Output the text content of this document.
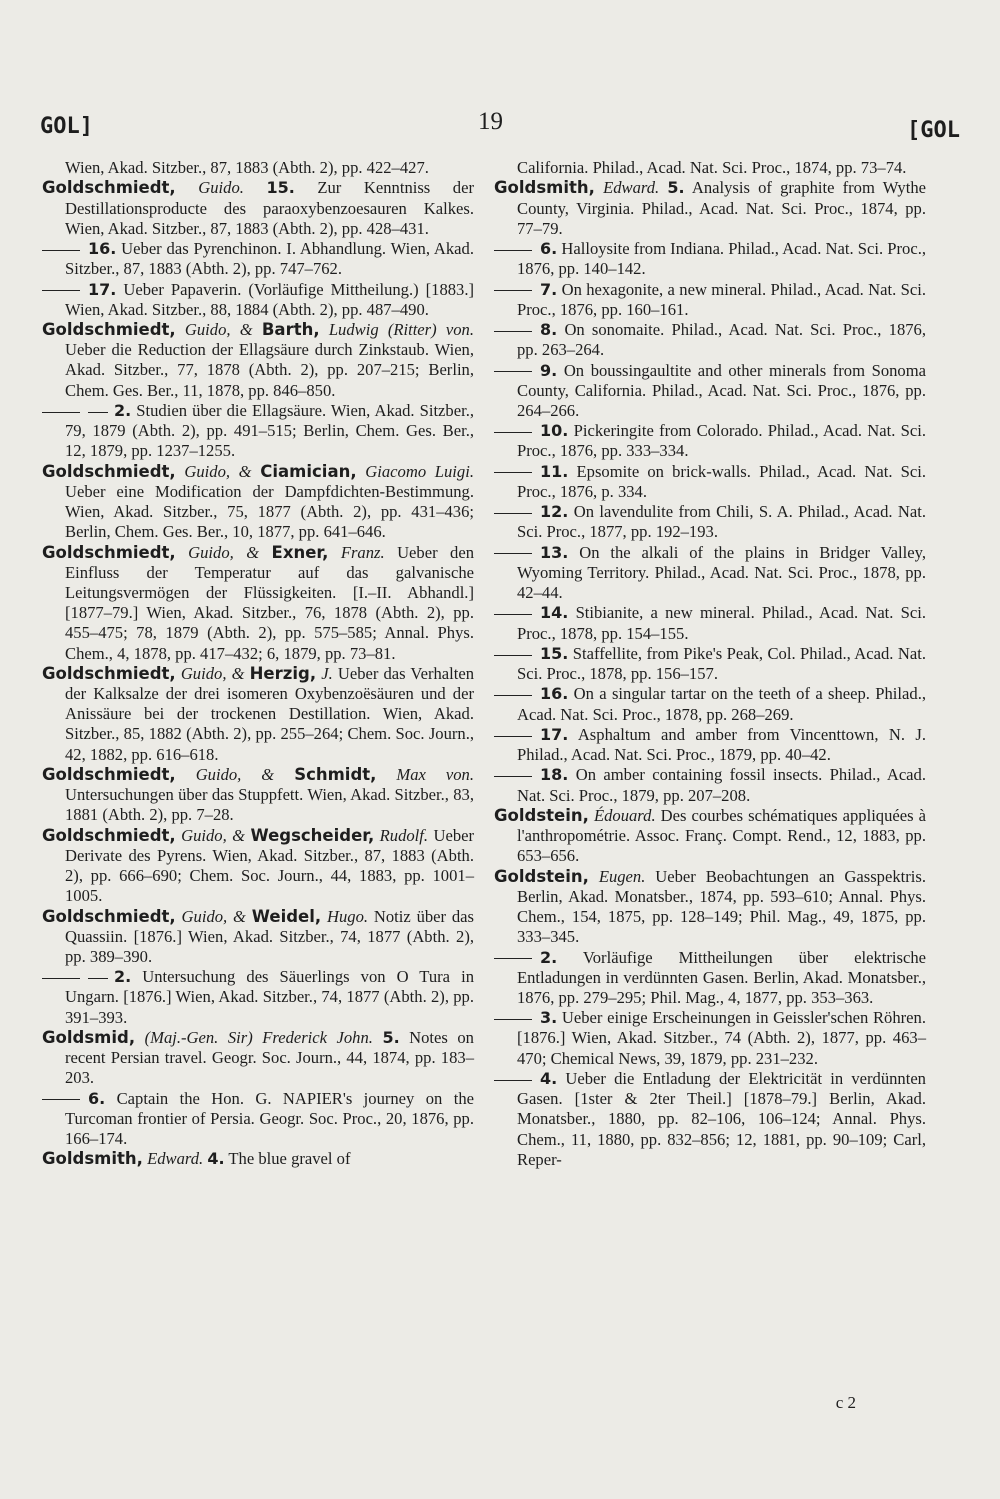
GOL]	19	[GOL
Wien, Akad. Sitzber., 87, 1883 (Abth. 2), pp. 422–427.
Goldschmiedt, Guido. 15. Zur Kenntniss der Destillationsproducte des paraoxybenzoesauren Kalkes. Wien, Akad. Sitzber., 87, 1883 (Abth. 2), pp. 428–431.
16. Ueber das Pyrenchinon. I. Abhandlung. Wien, Akad. Sitzber., 87, 1883 (Abth. 2), pp. 747–762.
17. Ueber Papaverin. (Vorläufige Mittheilung.) [1883.] Wien, Akad. Sitzber., 88, 1884 (Abth. 2), pp. 487–490.
Goldschmiedt, Guido, & Barth, Ludwig (Ritter) von. Ueber die Reduction der Ellagsäure durch Zinkstaub. Wien, Akad. Sitzber., 77, 1878 (Abth. 2), pp. 207–215; Berlin, Chem. Ges. Ber., 11, 1878, pp. 846–850.
2. Studien über die Ellagsäure. Wien, Akad. Sitzber., 79, 1879 (Abth. 2), pp. 491–515; Berlin, Chem. Ges. Ber., 12, 1879, pp. 1237–1255.
Goldschmiedt, Guido, & Ciamician, Giacomo Luigi. Ueber eine Modification der Dampfdichten-Bestimmung. Wien, Akad. Sitzber., 75, 1877 (Abth. 2), pp. 431–436; Berlin, Chem. Ges. Ber., 10, 1877, pp. 641–646.
Goldschmiedt, Guido, & Exner, Franz. Ueber den Einfluss der Temperatur auf das galvanische Leitungsvermögen der Flüssigkeiten. [I.–II. Abhandl.] [1877–79.] Wien, Akad. Sitzber., 76, 1878 (Abth. 2), pp. 455–475; 78, 1879 (Abth. 2), pp. 575–585; Annal. Phys. Chem., 4, 1878, pp. 417–432; 6, 1879, pp. 73–81.
Goldschmiedt, Guido, & Herzig, J. Ueber das Verhalten der Kalksalze der drei isomeren Oxybenzoësäuren und der Anissäure bei der trockenen Destillation. Wien, Akad. Sitzber., 85, 1882 (Abth. 2), pp. 255–264; Chem. Soc. Journ., 42, 1882, pp. 616–618.
Goldschmiedt, Guido, & Schmidt, Max von. Untersuchungen über das Stuppfett. Wien, Akad. Sitzber., 83, 1881 (Abth. 2), pp. 7–28.
Goldschmiedt, Guido, & Wegscheider, Rudolf. Ueber Derivate des Pyrens. Wien, Akad. Sitzber., 87, 1883 (Abth. 2), pp. 666–690; Chem. Soc. Journ., 44, 1883, pp. 1001–1005.
Goldschmiedt, Guido, & Weidel, Hugo. Notiz über das Quassiin. [1876.] Wien, Akad. Sitzber., 74, 1877 (Abth. 2), pp. 389–390.
2. Untersuchung des Säuerlings von O Tura in Ungarn. [1876.] Wien, Akad. Sitzber., 74, 1877 (Abth. 2), pp. 391–393.
Goldsmid, (Maj.-Gen. Sir) Frederick John. 5. Notes on recent Persian travel. Geogr. Soc. Journ., 44, 1874, pp. 183–203.
6. Captain the Hon. G. NAPIER's journey on the Turcoman frontier of Persia. Geogr. Soc. Proc., 20, 1876, pp. 166–174.
Goldsmith, Edward. 4. The blue gravel of
California. Philad., Acad. Nat. Sci. Proc., 1874, pp. 73–74.
Goldsmith, Edward. 5. Analysis of graphite from Wythe County, Virginia. Philad., Acad. Nat. Sci. Proc., 1874, pp. 77–79.
6. Halloysite from Indiana. Philad., Acad. Nat. Sci. Proc., 1876, pp. 140–142.
7. On hexagonite, a new mineral. Philad., Acad. Nat. Sci. Proc., 1876, pp. 160–161.
8. On sonomaite. Philad., Acad. Nat. Sci. Proc., 1876, pp. 263–264.
9. On boussingaultite and other minerals from Sonoma County, California. Philad., Acad. Nat. Sci. Proc., 1876, pp. 264–266.
10. Pickeringite from Colorado. Philad., Acad. Nat. Sci. Proc., 1876, pp. 333–334.
11. Epsomite on brick-walls. Philad., Acad. Nat. Sci. Proc., 1876, p. 334.
12. On lavendulite from Chili, S. A. Philad., Acad. Nat. Sci. Proc., 1877, pp. 192–193.
13. On the alkali of the plains in Bridger Valley, Wyoming Territory. Philad., Acad. Nat. Sci. Proc., 1878, pp. 42–44.
14. Stibianite, a new mineral. Philad., Acad. Nat. Sci. Proc., 1878, pp. 154–155.
15. Staffellite, from Pike's Peak, Col. Philad., Acad. Nat. Sci. Proc., 1878, pp. 156–157.
16. On a singular tartar on the teeth of a sheep. Philad., Acad. Nat. Sci. Proc., 1878, pp. 268–269.
17. Asphaltum and amber from Vincenttown, N. J. Philad., Acad. Nat. Sci. Proc., 1879, pp. 40–42.
18. On amber containing fossil insects. Philad., Acad. Nat. Sci. Proc., 1879, pp. 207–208.
Goldstein, Édouard. Des courbes schématiques appliquées à l'anthropométrie. Assoc. Franç. Compt. Rend., 12, 1883, pp. 653–656.
Goldstein, Eugen. Ueber Beobachtungen an Gasspektris. Berlin, Akad. Monatsber., 1874, pp. 593–610; Annal. Phys. Chem., 154, 1875, pp. 128–149; Phil. Mag., 49, 1875, pp. 333–345.
2. Vorläufige Mittheilungen über elektrische Entladungen in verdünnten Gasen. Berlin, Akad. Monatsber., 1876, pp. 279–295; Phil. Mag., 4, 1877, pp. 353–363.
3. Ueber einige Erscheinungen in Geissler'schen Röhren. [1876.] Wien, Akad. Sitzber., 74 (Abth. 2), 1877, pp. 463–470; Chemical News, 39, 1879, pp. 231–232.
4. Ueber die Entladung der Elektricität in verdünnten Gasen. [1ster & 2ter Theil.] [1878–79.] Berlin, Akad. Monatsber., 1880, pp. 82–106, 106–124; Annal. Phys. Chem., 11, 1880, pp. 832–856; 12, 1881, pp. 90–109; Carl, Reper-
c 2
